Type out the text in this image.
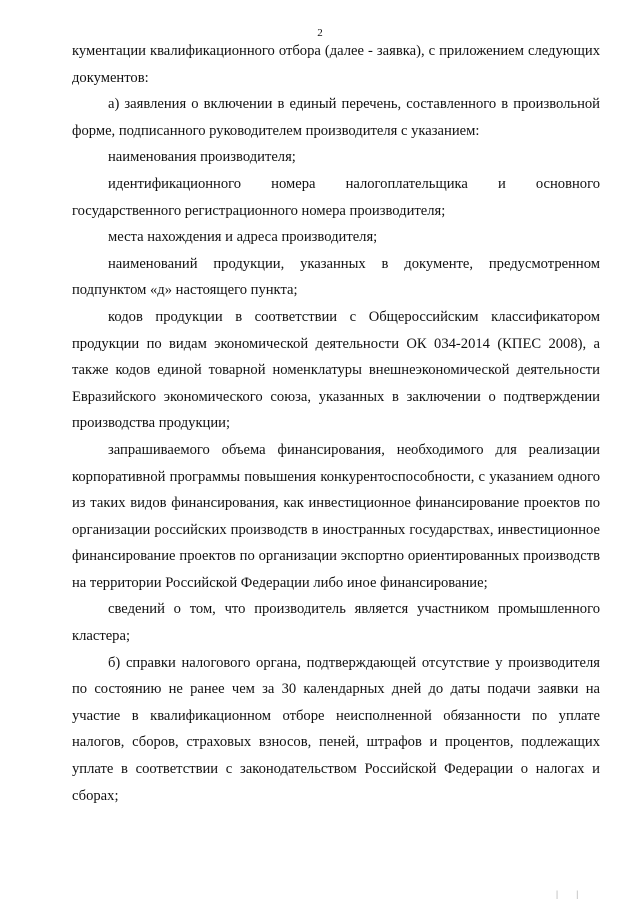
2

кументации квалификационного отбора (далее - заявка), с приложением следующих документов:

а) заявления о включении в единый перечень, составленного в произвольной форме, подписанного руководителем производителя с указанием:

наименования производителя;

идентификационного номера налогоплательщика и основного государственного регистрационного номера производителя;

места нахождения и адреса производителя;

наименований продукции, указанных в документе, предусмотренном подпунктом «д» настоящего пункта;

кодов продукции в соответствии с Общероссийским классификатором продукции по видам экономической деятельности ОК 034-2014 (КПЕС 2008), а также кодов единой товарной номенклатуры внешнеэкономической деятельности Евразийского экономического союза, указанных в заключении о подтверждении производства продукции;

запрашиваемого объема финансирования, необходимого для реализации корпоративной программы повышения конкурентоспособности, с указанием одного из таких видов финансирования, как инвестиционное финансирование проектов по организации российских производств в иностранных государствах, инвестиционное финансирование проектов по организации экспортно ориентированных производств на территории Российской Федерации либо иное финансирование;

сведений о том, что производитель является участником промышленного кластера;

б) справки налогового органа, подтверждающей отсутствие у производителя по состоянию не ранее чем за 30 календарных дней до даты подачи заявки на участие в квалификационном отборе неисполненной обязанности по уплате налогов, сборов, страховых взносов, пеней, штрафов и процентов, подлежащих уплате в соответствии с законодательством Российской Федерации о налогах и сборах;

| |
